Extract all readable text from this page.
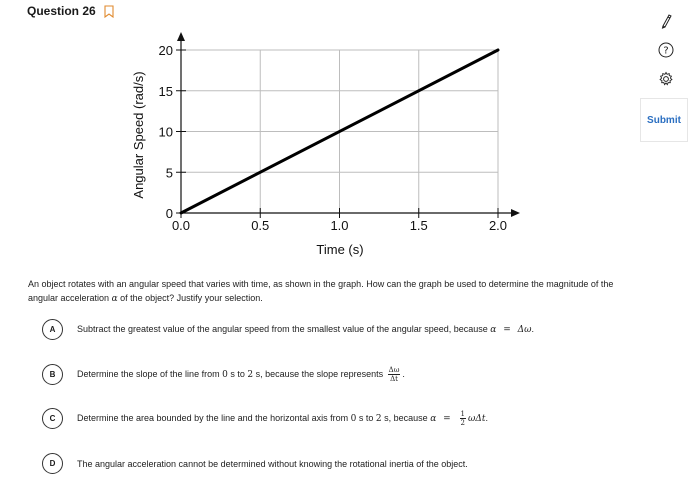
Question 26
?
Submit
0.0	0.5	1.0	1.5	2.0
0
5
10
15
20
Time (s)
Angular Speed (rad/s)
An object rotates with an angular speed that varies with time, as shown in the graph. How can the graph be used to determine the magnitude of the angular acceleration α of the object? Justify your selection.
A	Subtract the greatest value of the angular speed from the smallest value of the angular speed, because α = Δω.
B	Determine the slope of the line from 0 s to 2 s, because the slope represents $\frac{\Delta\omega}{\Delta t}$ .
C	Determine the area bounded by the line and the horizontal axis from 0 s to 2 s, because $\alpha = \frac{1}{2} \omega\Delta t$.
D	The angular acceleration cannot be determined without knowing the rotational inertia of the object.
